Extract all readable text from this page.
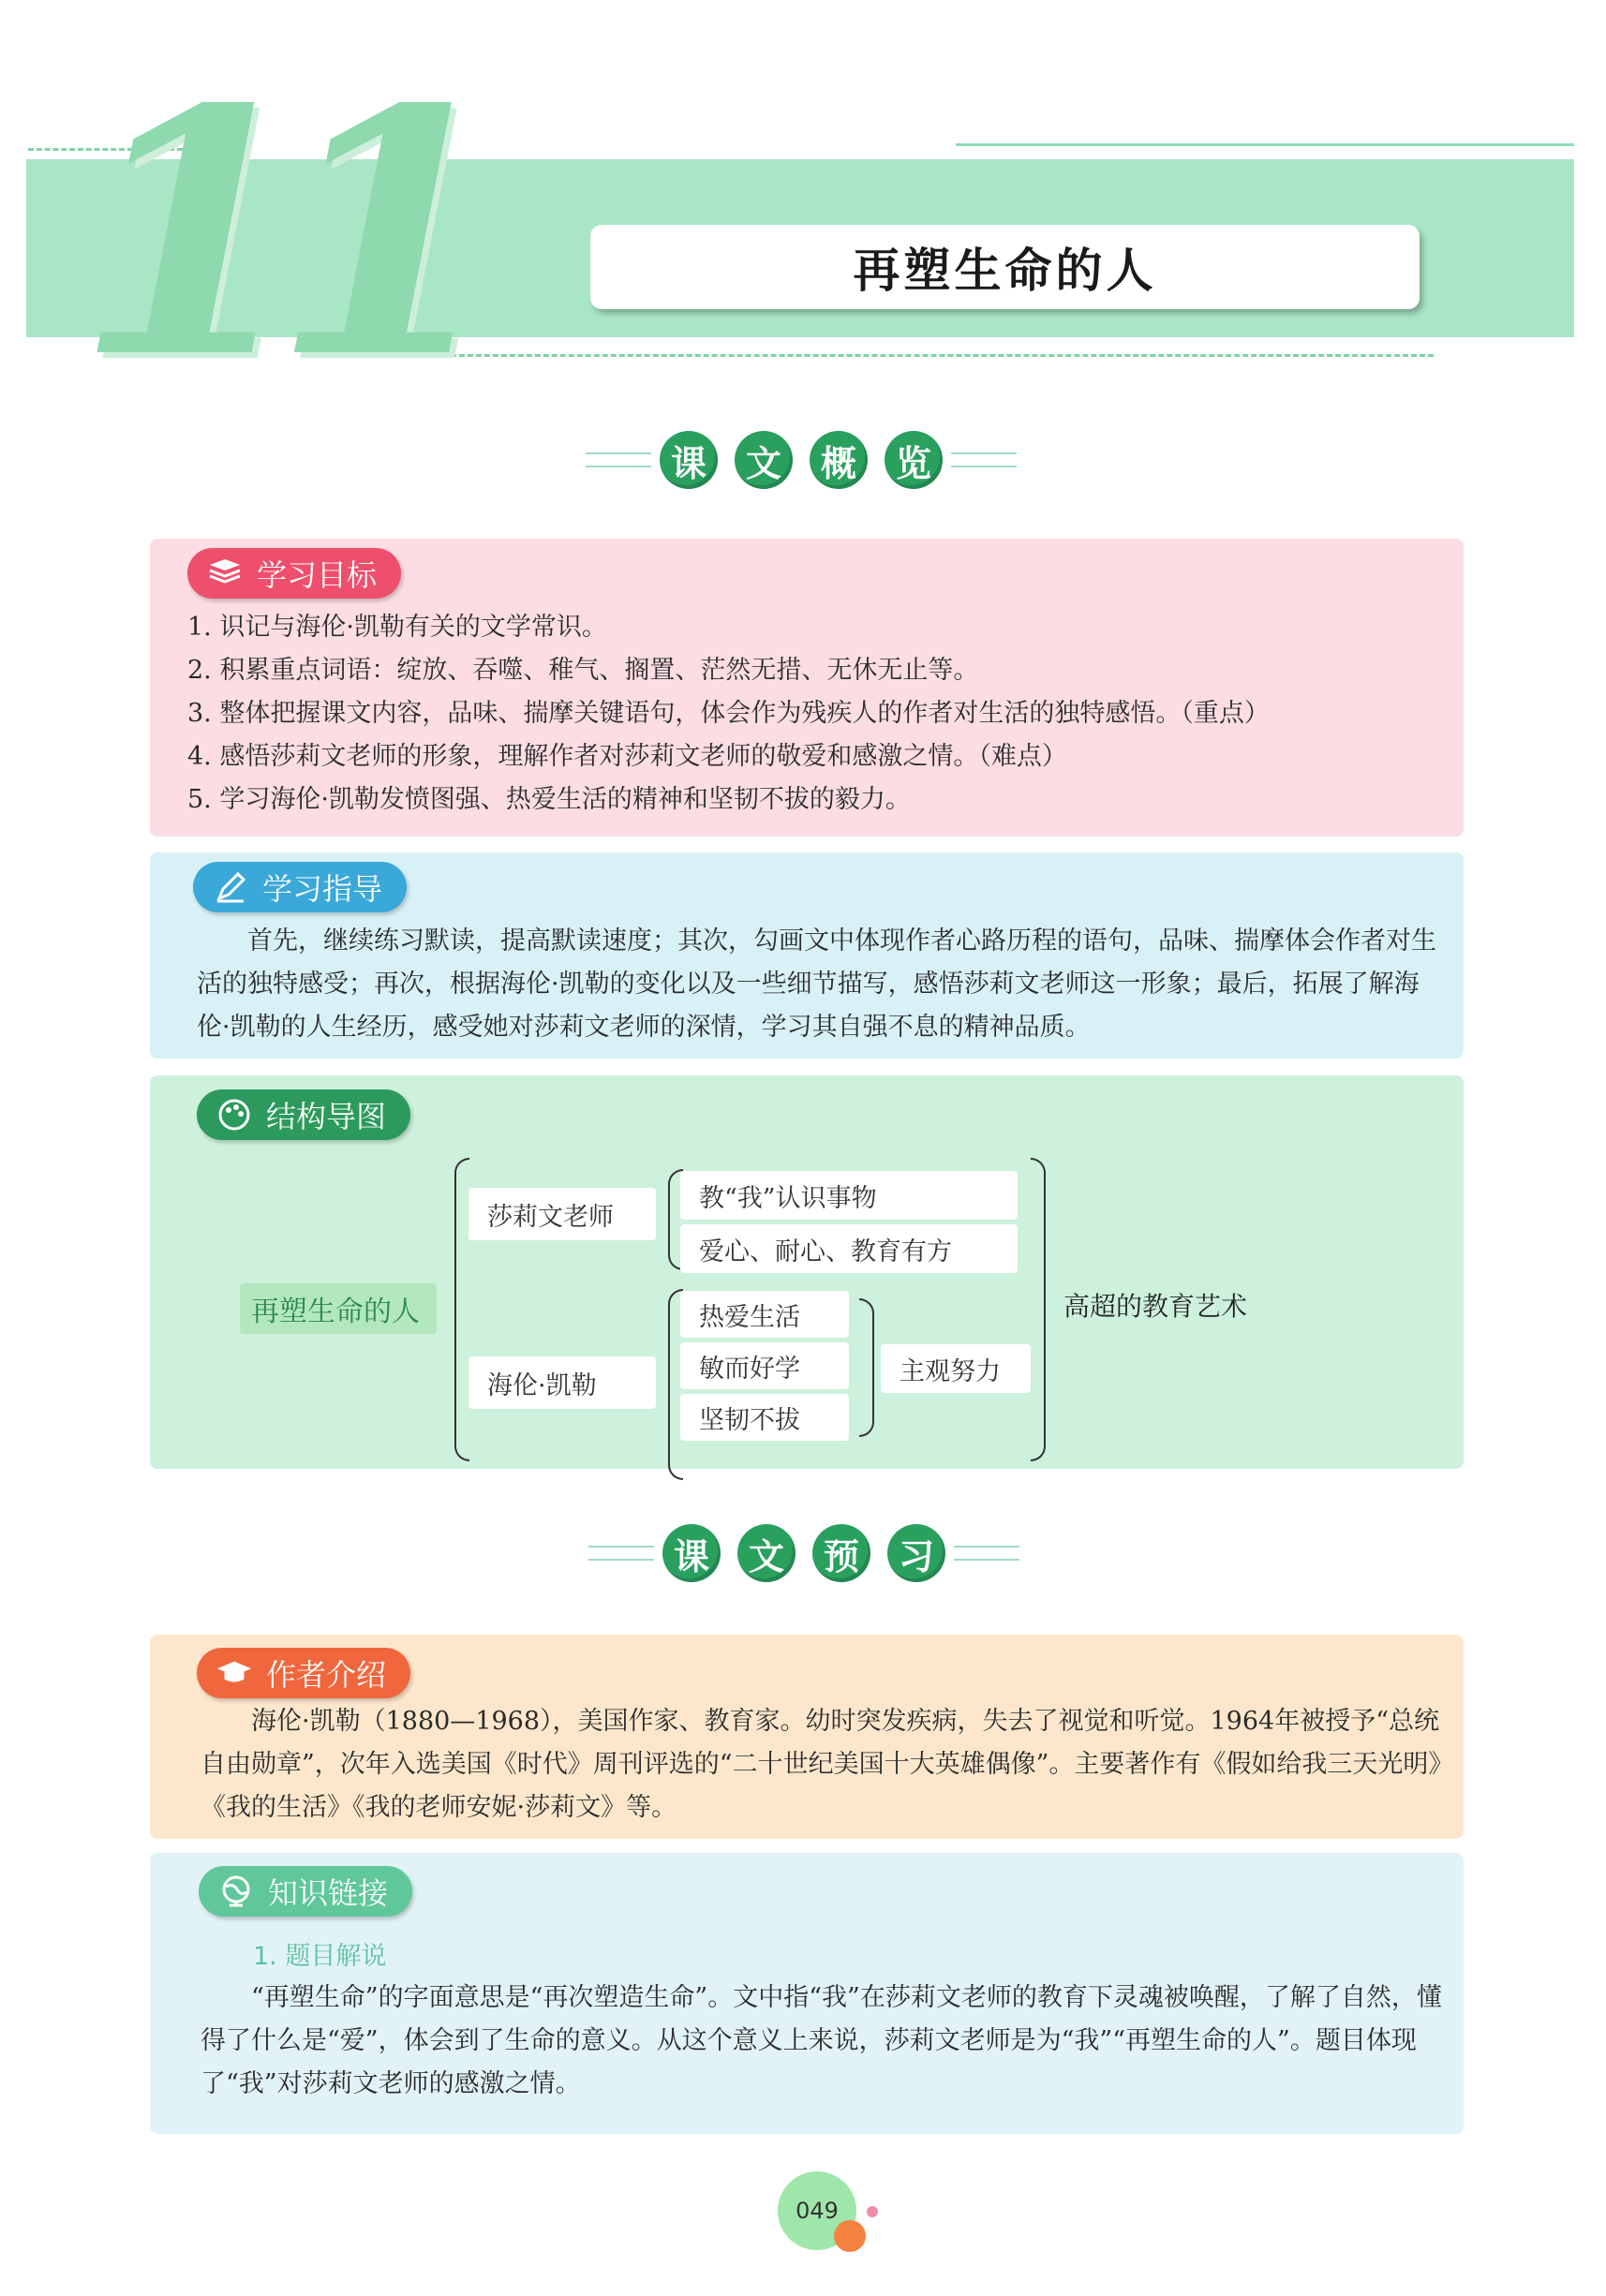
11	再塑生命的人
课	文	概	览
学习目标
1. 识记与海伦·凯勒有关的文学常识。
2. 积累重点词语：绽放、吞噬、稚气、搁置、茫然无措、无休无止等。
3. 整体把握课文内容，品味、揣摩关键语句，体会作为残疾人的作者对生活的独特感悟。（重点）
4. 感悟莎莉文老师的形象，理解作者对莎莉文老师的敬爱和感激之情。（难点）
5. 学习海伦·凯勒发愤图强、热爱生活的精神和坚韧不拔的毅力。
学习指导
首先，继续练习默读，提高默读速度；其次，勾画文中体现作者心路历程的语句，品味、揣摩体会作者对生活的独特感受；再次，根据海伦·凯勒的变化以及一些细节描写，感悟莎莉文老师这一形象；最后，拓展了解海伦·凯勒的人生经历，感受她对莎莉文老师的深情，学习其自强不息的精神品质。
结构导图
再塑生命的人
莎莉文老师
教“我”认识事物
爱心、耐心、教育有方
海伦·凯勒
热爱生活
敏而好学
坚韧不拔
主观努力
高超的教育艺术
课	文	预	习
作者介绍
海伦·凯勒（1880—1968），美国作家、教育家。幼时突发疾病，失去了视觉和听觉。1964年被授予“总统自由勋章”，次年入选美国《时代》周刊评选的“二十世纪美国十大英雄偶像”。主要著作有《假如给我三天光明》《我的生活》《我的老师安妮·莎莉文》等。
知识链接
1. 题目解说
“再塑生命”的字面意思是“再次塑造生命”。文中指“我”在莎莉文老师的教育下灵魂被唤醒，了解了自然，懂得了什么是“爱”，体会到了生命的意义。从这个意义上来说，莎莉文老师是为“我”“再塑生命的人”。题目体现了“我”对莎莉文老师的感激之情。
049
